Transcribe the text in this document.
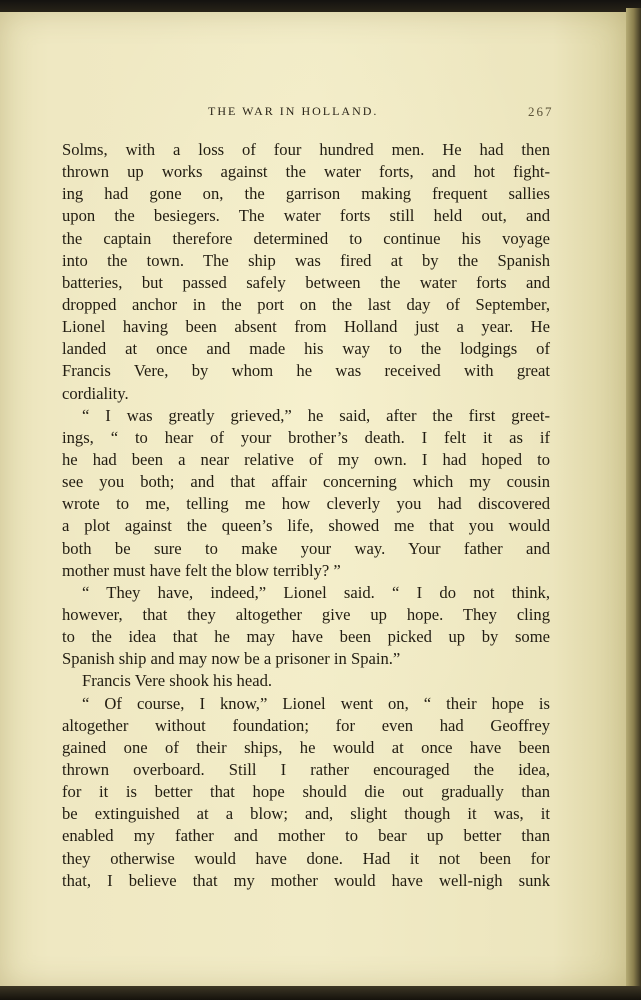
THE WAR IN HOLLAND.	267
Solms, with a loss of four hundred men. He had then
thrown up works against the water forts, and hot fight-
ing had gone on, the garrison making frequent sallies
upon the besiegers. The water forts still held out, and
the captain therefore determined to continue his voyage
into the town. The ship was fired at by the Spanish
batteries, but passed safely between the water forts and
dropped anchor in the port on the last day of September,
Lionel having been absent from Holland just a year. He
landed at once and made his way to the lodgings of
Francis Vere, by whom he was received with great
cordiality.
“ I was greatly grieved,” he said, after the first greet-
ings, “ to hear of your brother’s death. I felt it as if
he had been a near relative of my own. I had hoped to
see you both; and that affair concerning which my cousin
wrote to me, telling me how cleverly you had discovered
a plot against the queen’s life, showed me that you would
both be sure to make your way. Your father and
mother must have felt the blow terribly? ”
“ They have, indeed,” Lionel said. “ I do not think,
however, that they altogether give up hope. They cling
to the idea that he may have been picked up by some
Spanish ship and may now be a prisoner in Spain.”
Francis Vere shook his head.
“ Of course, I know,” Lionel went on, “ their hope is
altogether without foundation; for even had Geoffrey
gained one of their ships, he would at once have been
thrown overboard. Still I rather encouraged the idea,
for it is better that hope should die out gradually than
be extinguished at a blow; and, slight though it was, it
enabled my father and mother to bear up better than
they otherwise would have done. Had it not been for
that, I believe that my mother would have well-nigh sunk
